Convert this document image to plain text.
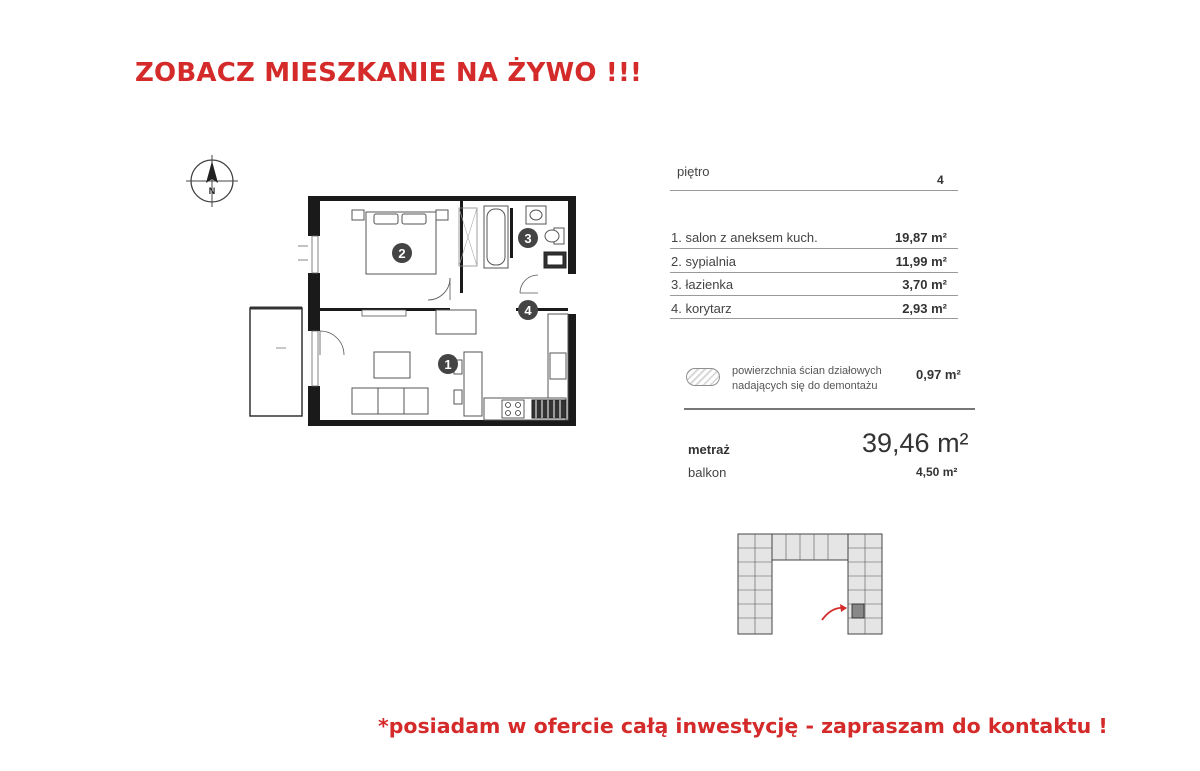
ZOBACZ MIESZKANIE NA ŻYWO !!!
N
1
2
3
4
piętro
4
1. salon z aneksem kuch.	19,87 m²
2. sypialnia	11,99 m²
3. łazienka	3,70 m²
4. korytarz	2,93 m²
powierzchnia ścian działowych nadających się do demontażu
0,97 m²
metraż	39,46 m²
balkon	4,50 m²

*posiadam w ofercie całą inwestycję - zapraszam do kontaktu !
